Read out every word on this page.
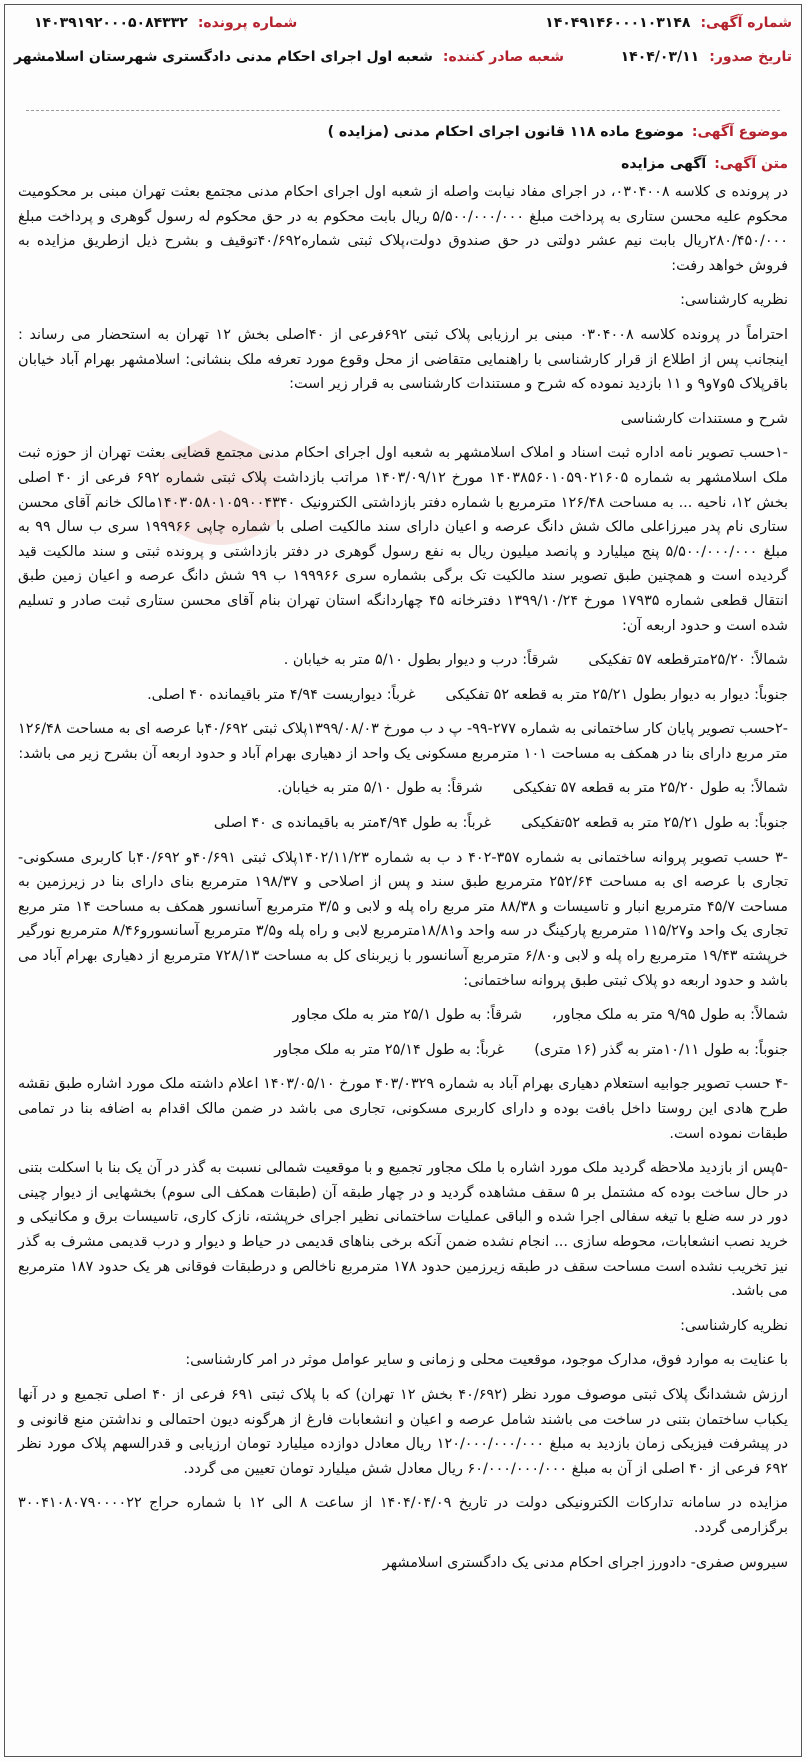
شماره آگهی:
۱۴۰۴۹۱۴۶۰۰۰۱۰۳۱۴۸
شماره پرونده:
۱۴۰۳۹۱۹۲۰۰۰۵۰۸۴۳۳۲
تاریخ صدور:
۱۴۰۴/۰۳/۱۱
شعبه صادر کننده:
شعبه اول اجرای احکام مدنی دادگستری شهرستان اسلامشهر
موضوع آگهی:
موضوع ماده ۱۱۸ قانون اجرای احکام مدنی (مزایده )
متن آگهی:
آگهی مزایده

در پرونده ی کلاسه ۰۳۰۴۰۰۸، در اجرای مفاد نیابت واصله از شعبه اول اجرای احکام مدنی مجتمع بعثت تهران مبنی بر محکومیت محکوم علیه محسن ستاری به پرداخت مبلغ ۵/۵۰۰/۰۰۰/۰۰۰ ریال بابت محکوم به در حق محکوم له رسول گوهری و پرداخت مبلغ ۲۸۰/۴۵۰/۰۰۰ریال بابت نیم عشر دولتی در حق صندوق دولت،پلاک ثبتی شماره۴۰/۶۹۲توقیف و بشرح ذیل ازطریق مزایده به فروش خواهد رفت:

نظریه کارشناسی:

احتراماً در پرونده کلاسه ۰۳۰۴۰۰۸ مبنی بر ارزیابی پلاک ثبتی ۶۹۲فرعی از ۴۰اصلی بخش ۱۲ تهران به استحضار می رساند : اینجانب پس از اطلاع از قرار کارشناسی با راهنمایی متقاضی از محل وقوع مورد تعرفه ملک بنشانی: اسلامشهر بهرام آباد خیابان باقرپلاک ۵و۷و۹ و ۱۱ بازدید نموده که شرح و مستندات کارشناسی به قرار زیر است:

شرح و مستندات کارشناسی

-۱حسب تصویر نامه اداره ثبت اسناد و املاک اسلامشهر به شعبه اول اجرای احکام مدنی مجتمع قضایی بعثت تهران از حوزه ثبت ملک اسلامشهر به شماره ۱۴۰۳۸۵۶۰۱۰۵۹۰۲۱۶۰۵ مورخ ۱۴۰۳/۰۹/۱۲ مراتب بازداشت پلاک ثبتی شماره ۶۹۲ فرعی از ۴۰ اصلی بخش ۱۲، ناحیه ... به مساحت ۱۲۶/۴۸ مترمربع با شماره دفتر بازداشتی الکترونیک ۱۴۰۳۰۵۸۰۱۰۵۹۰۰۴۳۴۰مالک خانم آقای محسن ستاری نام پدر میرزاعلی مالک شش دانگ عرصه و اعیان دارای سند مالکیت اصلی با شماره چاپی ۱۹۹۹۶۶ سری ب سال ۹۹ به مبلغ ۵/۵۰۰/۰۰۰/۰۰۰ پنج میلیارد و پانصد میلیون ریال به نفع رسول گوهری در دفتر بازداشتی و پرونده ثبتی و سند مالکیت قید گردیده است و همچنین طبق تصویر سند مالکیت تک برگی بشماره سری ۱۹۹۹۶۶ ب ۹۹ شش دانگ عرصه و اعیان زمین طبق انتقال قطعی شماره ۱۷۹۳۵ مورخ ۱۳۹۹/۱۰/۲۴ دفترخانه ۴۵ چهاردانگه استان تهران بنام آقای محسن ستاری ثبت صادر و تسلیم شده است و حدود اربعه آن:

شمالاً: ۲۵/۲۰مترقطعه ۵۷ تفکیکی
شرقاً: درب و دیوار بطول ۵/۱۰ متر به خیابان .

جنوباً: دیوار به دیوار بطول ۲۵/۲۱ متر به قطعه ۵۲ تفکیکی
غرباً: دیواریست ۴/۹۴ متر باقیمانده ۴۰ اصلی.

-۲حسب تصویر پایان کار ساختمانی به شماره ۲۷۷-۹۹- پ د ب مورخ ۱۳۹۹/۰۸/۰۳پلاک ثبتی ۴۰/۶۹۲با عرصه ای به مساحت ۱۲۶/۴۸ متر مربع دارای بنا در همکف به مساحت ۱۰۱ مترمربع مسکونی یک واحد از دهیاری بهرام آباد و حدود اربعه آن بشرح زیر می باشد:

شمالاً: به طول ۲۵/۲۰ متر به قطعه ۵۷ تفکیکی
شرقاً: به طول ۵/۱۰ متر به خیابان.

جنوباً: به طول ۲۵/۲۱ متر به قطعه ۵۲تفکیکی
غرباً: به طول ۴/۹۴متر به باقیمانده ی ۴۰ اصلی

-۳ حسب تصویر پروانه ساختمانی به شماره ۳۵۷-۴۰۲ د ب به شماره ۱۴۰۲/۱۱/۲۳پلاک ثبتی ۴۰/۶۹۱و ۴۰/۶۹۲با کاربری مسکونی- تجاری با عرصه ای به مساحت ۲۵۲/۶۴ مترمربع طبق سند و پس از اصلاحی و ۱۹۸/۳۷ مترمربع بنای دارای بنا در زیرزمین به مساحت ۴۵/۷ مترمربع انبار و تاسیسات و ۸۸/۳۸ متر مربع راه پله و لابی و ۳/۵ مترمربع آسانسور همکف به مساحت ۱۴ متر مربع تجاری یک واحد و۱۱۵/۲۷ مترمربع پارکینگ در سه واحد و۱۸/۸۱مترمربع لابی و راه پله و۳/۵ مترمربع آسانسورو۸/۴۶ مترمربع نورگیر خرپشته ۱۹/۴۳ مترمربع راه پله و لابی و۶/۸۰ مترمربع آسانسور با زیربنای کل به مساحت ۷۲۸/۱۳ مترمربع از دهیاری بهرام آباد می باشد و حدود اربعه دو پلاک ثبتی طبق پروانه ساختمانی:

شمالاً: به طول ۹/۹۵ متر به ملک مجاور،
شرقاً: به طول ۲۵/۱ متر به ملک مجاور

جنوباً: به طول ۱۰/۱۱متر به گذر (۱۶ متری)
غرباً: به طول ۲۵/۱۴ متر به ملک مجاور

-۴ حسب تصویر جوابیه استعلام دهیاری بهرام آباد به شماره ۴۰۳/۰۳۲۹ مورخ ۱۴۰۳/۰۵/۱۰ اعلام داشته ملک مورد اشاره طبق نقشه طرح هادی این روستا داخل بافت بوده و دارای کاربری مسکونی، تجاری می باشد در ضمن مالک اقدام به اضافه بنا در تمامی طبقات نموده است.

-۵پس از بازدید ملاحظه گردید ملک مورد اشاره با ملک مجاور تجمیع و با موقعیت شمالی نسبت به گذر در آن یک بنا با اسکلت بتنی در حال ساخت بوده که مشتمل بر ۵ سقف مشاهده گردید و در چهار طبقه آن (طبقات همکف الی سوم) بخشهایی از دیوار چینی دور در سه ضلع با تیغه سفالی اجرا شده و الباقی عملیات ساختمانی نظیر اجرای خرپشته، نازک کاری، تاسیسات برق و مکانیکی و خرید نصب انشعابات، محوطه سازی ... انجام نشده ضمن آنکه برخی بناهای قدیمی در حیاط و دیوار و درب قدیمی مشرف به گذر نیز تخریب نشده است مساحت سقف در طبقه زیرزمین حدود ۱۷۸ مترمربع ناخالص و درطبقات فوقانی هر یک حدود ۱۸۷ مترمربع می باشد.

نظریه کارشناسی:

با عنایت به موارد فوق، مدارک موجود، موقعیت محلی و زمانی و سایر عوامل موثر در امر کارشناسی:

ارزش ششدانگ پلاک ثبتی موصوف مورد نظر (۴۰/۶۹۲ بخش ۱۲ تهران) که با پلاک ثبتی ۶۹۱ فرعی از ۴۰ اصلی تجمیع و در آنها یکباب ساختمان بتنی در ساخت می باشند شامل عرصه و اعیان و انشعابات فارغ از هرگونه دیون احتمالی و نداشتن منع قانونی و در پیشرفت فیزیکی زمان بازدید به مبلغ ۱۲۰/۰۰۰/۰۰۰/۰۰۰ ریال معادل دوازده میلیارد تومان ارزیابی و قدرالسهم پلاک مورد نظر ۶۹۲ فرعی از ۴۰ اصلی از آن به مبلغ ۶۰/۰۰۰/۰۰۰/۰۰۰ ریال معادل شش میلیارد تومان تعیین می گردد.

مزایده در سامانه تدارکات الکترونیکی دولت در تاریخ ۱۴۰۴/۰۴/۰۹ از ساعت ۸ الی ۱۲ با شماره حراج ۳۰۰۴۱۰۸۰۷۹۰۰۰۰۲۲ برگزارمی گردد.

سیروس صفری- دادورز اجرای احکام مدنی یک دادگستری اسلامشهر
